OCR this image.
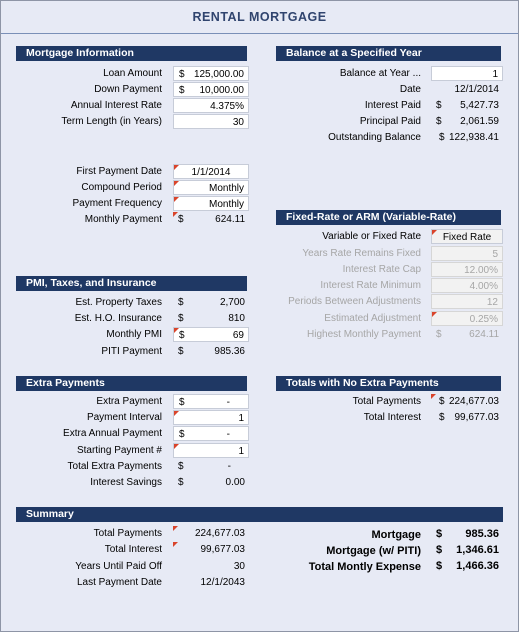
RENTAL MORTGAGE
Mortgage Information
Loan Amount $ 125,000.00
Down Payment $ 10,000.00
Annual Interest Rate	4.375%
Term Length (in Years)	30
First Payment Date	1/1/2014
Compound Period	Monthly
Payment Frequency	Monthly
Monthly Payment $	624.11
Balance at a Specified Year
Balance at Year ...	1
Date	12/1/2014
Interest Paid $ 5,427.73
Principal Paid $ 2,061.59
Outstanding Balance $ 122,938.41
Fixed-Rate or ARM (Variable-Rate)
Variable or Fixed Rate	Fixed Rate
Years Rate Remains Fixed	5
Interest Rate Cap	12.00%
Interest Rate Minimum	4.00%
Periods Between Adjustments	12
Estimated Adjustment	0.25%
Highest Monthly Payment $	624.11
PMI, Taxes, and Insurance
Est. Property Taxes $	2,700
Est. H.O. Insurance $	810
Monthly PMI $	69
PITI Payment $	985.36
Extra Payments
Extra Payment $	-
Payment Interval	1
Extra Annual Payment $	-
Starting Payment #	1
Total Extra Payments $	-
Interest Savings $	0.00
Totals with No Extra Payments
Total Payments $ 224,677.03
Total Interest $ 99,677.03
Summary
Total Payments	224,677.03
Total Interest	99,677.03
Years Until Paid Off	30
Last Payment Date	12/1/2043
Mortgage $ 985.36
Mortgage (w/ PITI) $ 1,346.61
Total Montly Expense $ 1,466.36
